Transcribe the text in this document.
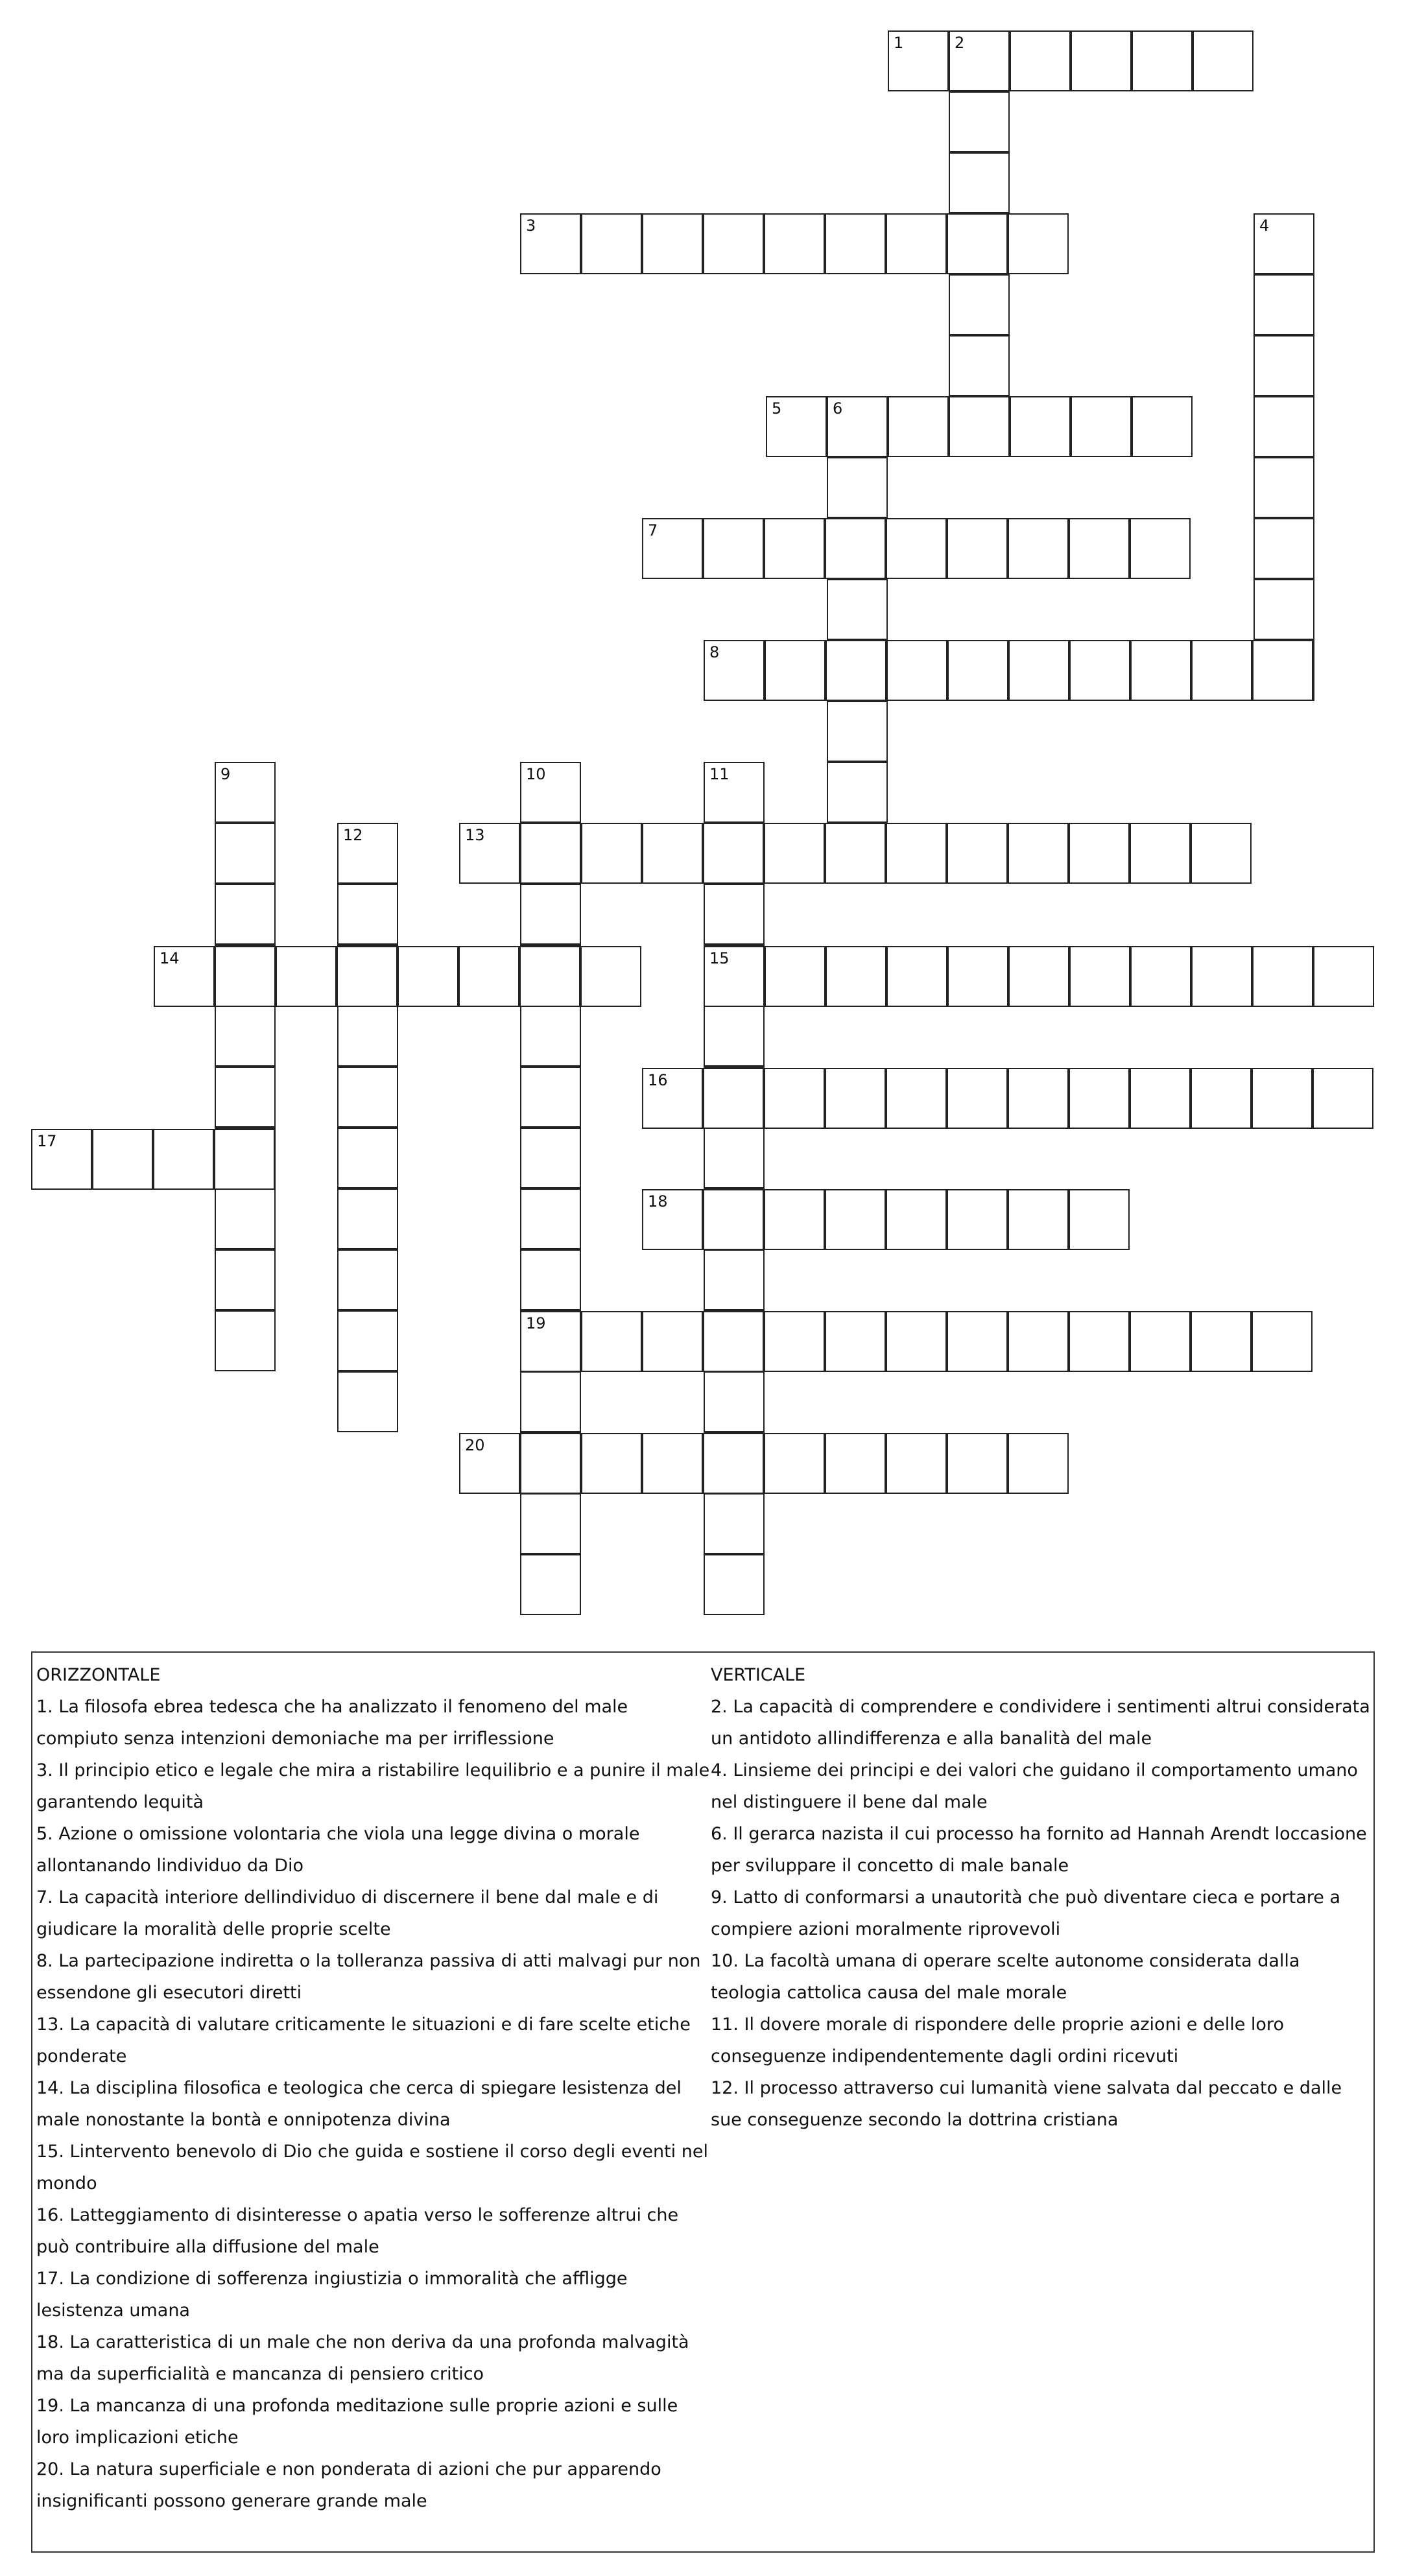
1	2
3	4
5	6
7
8
9	10	11
12	13
14	15
16
17
18
19
20

ORIZZONTALE

1. La filosofa ebrea tedesca che ha analizzato il fenomeno del male compiuto senza intenzioni demoniache ma per irriflessione

3. Il principio etico e legale che mira a ristabilire lequilibrio e a punire il male garantendo lequità

5. Azione o omissione volontaria che viola una legge divina o morale allontanando lindividuo da Dio

7. La capacità interiore dellindividuo di discernere il bene dal male e di giudicare la moralità delle proprie scelte

8. La partecipazione indiretta o la tolleranza passiva di atti malvagi pur non essendone gli esecutori diretti

13. La capacità di valutare criticamente le situazioni e di fare scelte etiche ponderate

14. La disciplina filosofica e teologica che cerca di spiegare lesistenza del male nonostante la bontà e onnipotenza divina

15. Lintervento benevolo di Dio che guida e sostiene il corso degli eventi nel mondo

16. Latteggiamento di disinteresse o apatia verso le sofferenze altrui che può contribuire alla diffusione del male

17. La condizione di sofferenza ingiustizia o immoralità che affligge lesistenza umana

18. La caratteristica di un male che non deriva da una profonda malvagità ma da superficialità e mancanza di pensiero critico

19. La mancanza di una profonda meditazione sulle proprie azioni e sulle loro implicazioni etiche

20. La natura superficiale e non ponderata di azioni che pur apparendo insignificanti possono generare grande male

VERTICALE

2. La capacità di comprendere e condividere i sentimenti altrui considerata un antidoto allindifferenza e alla banalità del male

4. Linsieme dei principi e dei valori che guidano il comportamento umano nel distinguere il bene dal male

6. Il gerarca nazista il cui processo ha fornito ad Hannah Arendt loccasione per sviluppare il concetto di male banale

9. Latto di conformarsi a unautorità che può diventare cieca e portare a compiere azioni moralmente riprovevoli

10. La facoltà umana di operare scelte autonome considerata dalla teologia cattolica causa del male morale

11. Il dovere morale di rispondere delle proprie azioni e delle loro conseguenze indipendentemente dagli ordini ricevuti

12. Il processo attraverso cui lumanità viene salvata dal peccato e dalle sue conseguenze secondo la dottrina cristiana
